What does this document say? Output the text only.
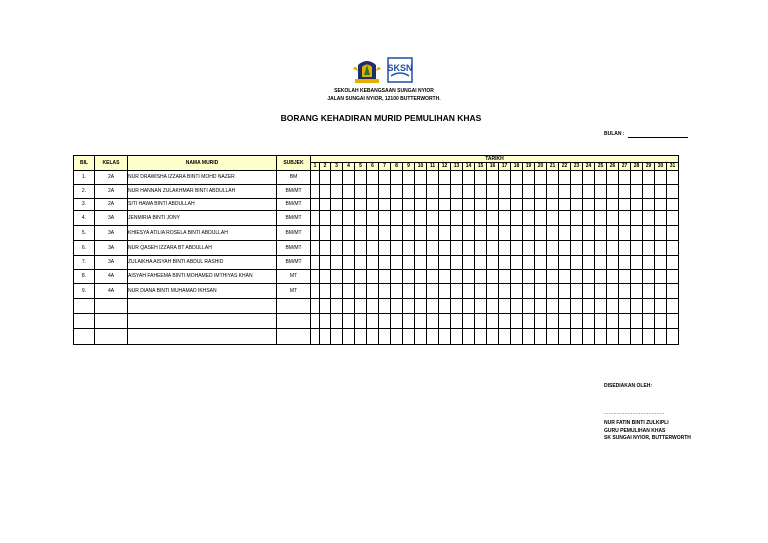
SKSN
SEKOLAH KEBANGSAAN SUNGAI NYIOR
JALAN SUNGAI NYIOR, 12100 BUTTERWORTH.
BORANG KEHADIRAN MURID PEMULIHAN KHAS
BULAN :
BIL	KELAS	NAMA MURID	SUBJEK	TARIKH																														
				1	2	3	4	5	6	7	8	9	10	11	12	13	14	15	16	17	18	19	20	21	22	23	24	25	26	27	28	29	30	31
1.	2A	NUR DRAWISHA IZZARA BINTI MOHD NAZER	BM																															
2.	2A	NUR HANNAN ZULAKHMAR BINTI ABDULLAH	BM/MT																															
3.	2A	SITI HAWA BINTI ABDULLAH	BM/MT																															
4.	3A	JENMIRIA BINTI JONY	BM/MT																															
5.	3A	KHIESYA ATILIA ROSELA BINTI ABDULLAH	BM/MT																															
6.	3A	NUR QASEH IZZARA BT ABDULLAH	BM/MT																															
7.	3A	ZULAIKHA AISYAH BINTI ABDUL RASHID	BM/MT																															
8.	4A	AISYAH FAHEEMA BINTI MOHAMED IMTHIYAS KHAN	MT																															
9.	4A	NUR DIANA BINTI MUHAMAD IKHSAN	MT																															

DISEDIAKAN OLEH:
......................................
NUR FATIN BINTI ZULKIPLI
GURU PEMULIHAN KHAS
SK SUNGAI NYIOR, BUTTERWORTH
